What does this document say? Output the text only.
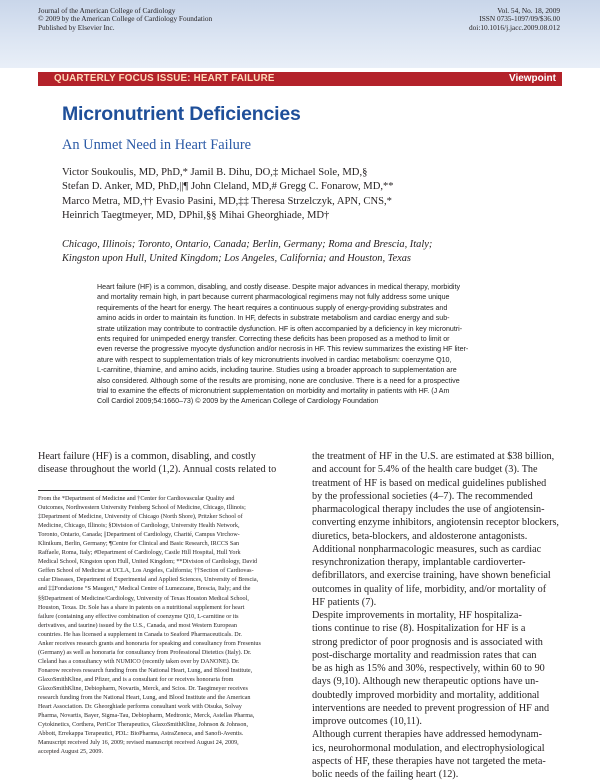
Journal of the American College of Cardiology
© 2009 by the American College of Cardiology Foundation
Published by Elsevier Inc.
Vol. 54, No. 18, 2009
ISSN 0735-1097/09/$36.00
doi:10.1016/j.jacc.2009.08.012
QUARTERLY FOCUS ISSUE: HEART FAILURE	Viewpoint
Micronutrient Deficiencies
An Unmet Need in Heart Failure
Victor Soukoulis, MD, PhD,* Jamil B. Dihu, DO,‡ Michael Sole, MD,§
Stefan D. Anker, MD, PhD,||¶ John Cleland, MD,# Gregg C. Fonarow, MD,**
Marco Metra, MD,†† Evasio Pasini, MD,‡‡ Theresa Strzelczyk, APN, CNS,*
Heinrich Taegtmeyer, MD, DPhil,§§ Mihai Gheorghiade, MD†
Chicago, Illinois; Toronto, Ontario, Canada; Berlin, Germany; Roma and Brescia, Italy;
Kingston upon Hull, United Kingdom; Los Angeles, California; and Houston, Texas
Heart failure (HF) is a common, disabling, and costly disease. Despite major advances in medical therapy, morbidity
and mortality remain high, in part because current pharmacological regimens may not fully address some unique
requirements of the heart for energy. The heart requires a continuous supply of energy-providing substrates and
amino acids in order to maintain its function. In HF, defects in substrate metabolism and cardiac energy and sub-
strate utilization may contribute to contractile dysfunction. HF is often accompanied by a deficiency in key micronutri-
ents required for unimpeded energy transfer. Correcting these deficits has been proposed as a method to limit or
even reverse the progressive myocyte dysfunction and/or necrosis in HF. This review summarizes the existing HF liter-
ature with respect to supplementation trials of key micronutrients involved in cardiac metabolism: coenzyme Q10,
L-carnitine, thiamine, and amino acids, including taurine. Studies using a broader approach to supplementation are
also considered. Although some of the results are promising, none are conclusive. There is a need for a prospective
trial to examine the effects of micronutrient supplementation on morbidity and mortality in patients with HF. (J Am
Coll Cardiol 2009;54:1660–73) © 2009 by the American College of Cardiology Foundation
Heart failure (HF) is a common, disabling, and costly
disease throughout the world (1,2). Annual costs related to
From the *Department of Medicine and †Center for Cardiovascular Quality and
Outcomes, Northwestern University Feinberg School of Medicine, Chicago, Illinois;
‡Department of Medicine, University of Chicago (North Shore), Pritzker School of
Medicine, Chicago, Illinois; §Division of Cardiology, University Health Network,
Toronto, Ontario, Canada; ||Department of Cardiology, Charité, Campus Virchow-
Klinikum, Berlin, Germany; ¶Centre for Clinical and Basic Research, IRCCS San
Raffaele, Roma, Italy; #Department of Cardiology, Castle Hill Hospital, Hull York
Medical School, Kingston upon Hull, United Kingdom; **Division of Cardiology, David
Geffen School of Medicine at UCLA, Los Angeles, California; ††Section of Cardiovas-
cular Diseases, Department of Experimental and Applied Sciences, University of Brescia,
and ‡‡Fondazione “S Maugeri,” Medical Centre of Lumezzane, Brescia, Italy; and the
§§Department of Medicine/Cardiology, University of Texas Houston Medical School,
Houston, Texas. Dr. Sole has a share in patents on a nutritional supplement for heart
failure (containing any effective combination of coenzyme Q10, L-carnitine or its
derivatives, and taurine) issued by the U.S., Canada, and most Western European
countries. He has licensed a supplement in Canada to Seaford Pharmaceuticals. Dr.
Anker receives research grants and honoraria for speaking and consultancy from Fresenius
(Germany) as well as honoraria for consultancy from Professional Dietetics (Italy). Dr.
Cleland has a consultancy with NUMICO (recently taken over by DANONE). Dr.
Fonarow receives research funding from the National Heart, Lung, and Blood Institute,
GlaxoSmithKline, and Pfizer, and is a consultant for or receives honoraria from
GlaxoSmithKline, Debiopharm, Novartis, Merck, and Scios. Dr. Taegtmeyer receives
research funding from the National Heart, Lung, and Blood Institute and the American
Heart Association. Dr. Gheorghiade performs consultant work with Otsuka, Solvay
Pharma, Novartis, Bayer, Sigma-Tau, Debiopharm, Medtronic, Merck, Astellas Pharma,
Cytokinetics, Corthera, PeriCor Therapeutics, GlaxoSmithKline, Johnson & Johnson,
Abbott, Errekappa Terapeutici, PDL: BioPharma, AstraZeneca, and Sanofi-Aventis.
Manuscript received July 16, 2009; revised manuscript received August 24, 2009,
accepted August 25, 2009.
the treatment of HF in the U.S. are estimated at $38 billion,
and account for 5.4% of the health care budget (3). The
treatment of HF is based on medical guidelines published
by the professional societies (4–7). The recommended
pharmacological therapy includes the use of angiotensin-
converting enzyme inhibitors, angiotensin receptor blockers,
diuretics, beta-blockers, and aldosterone antagonists.
Additional nonpharmacologic measures, such as cardiac
resynchronization therapy, implantable cardioverter-
defibrillators, and exercise training, have shown beneficial
outcomes in quality of life, morbidity, and/or mortality of
HF patients (7).
Despite improvements in mortality, HF hospitaliza-
tions continue to rise (8). Hospitalization for HF is a
strong predictor of poor prognosis and is associated with
post-discharge mortality and readmission rates that can
be as high as 15% and 30%, respectively, within 60 to 90
days (9,10). Although new therapeutic options have un-
doubtedly improved morbidity and mortality, additional
interventions are needed to prevent progression of HF and
improve outcomes (10,11).
Although current therapies have addressed hemodynam-
ics, neurohormonal modulation, and electrophysiological
aspects of HF, these therapies have not targeted the meta-
bolic needs of the failing heart (12).
